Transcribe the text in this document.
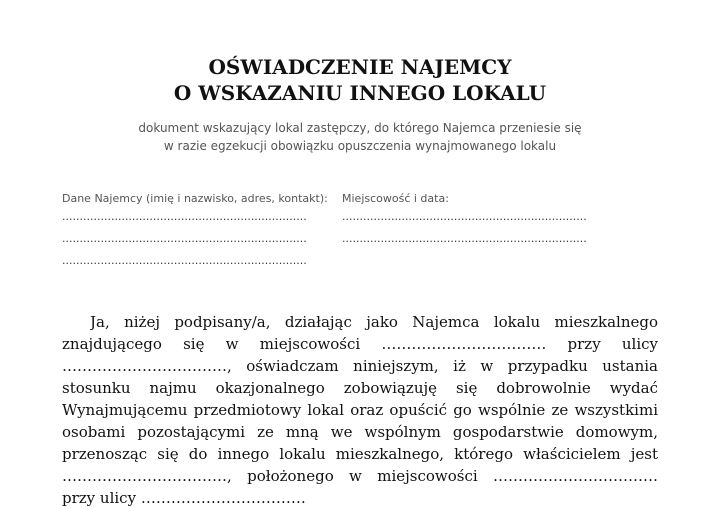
OŚWIADCZENIE NAJEMCY
O WSKAZANIU INNEGO LOKALU
dokument wskazujący lokal zastępczy, do którego Najemca przeniesie się
w razie egzekucji obowiązku opuszczenia wynajmowanego lokalu
Dane Najemcy (imię i nazwisko, adres, kontakt):
......................................................................
......................................................................
......................................................................
Miejscowość i data:
......................................................................
......................................................................
Ja, niżej podpisany/a, działając jako Najemca lokalu mieszkalnego
znajdującego się w miejscowości …………………………… przy ulicy
……………………………, oświadczam niniejszym, iż w przypadku ustania
stosunku najmu okazjonalnego zobowiązuję się dobrowolnie wydać
Wynajmującemu przedmiotowy lokal oraz opuścić go wspólnie ze wszystkimi
osobami pozostającymi ze mną we wspólnym gospodarstwie domowym,
przenosząc się do innego lokalu mieszkalnego, którego właścicielem jest
……………………………, położonego w miejscowości ……………………………
przy ulicy ……………………………
